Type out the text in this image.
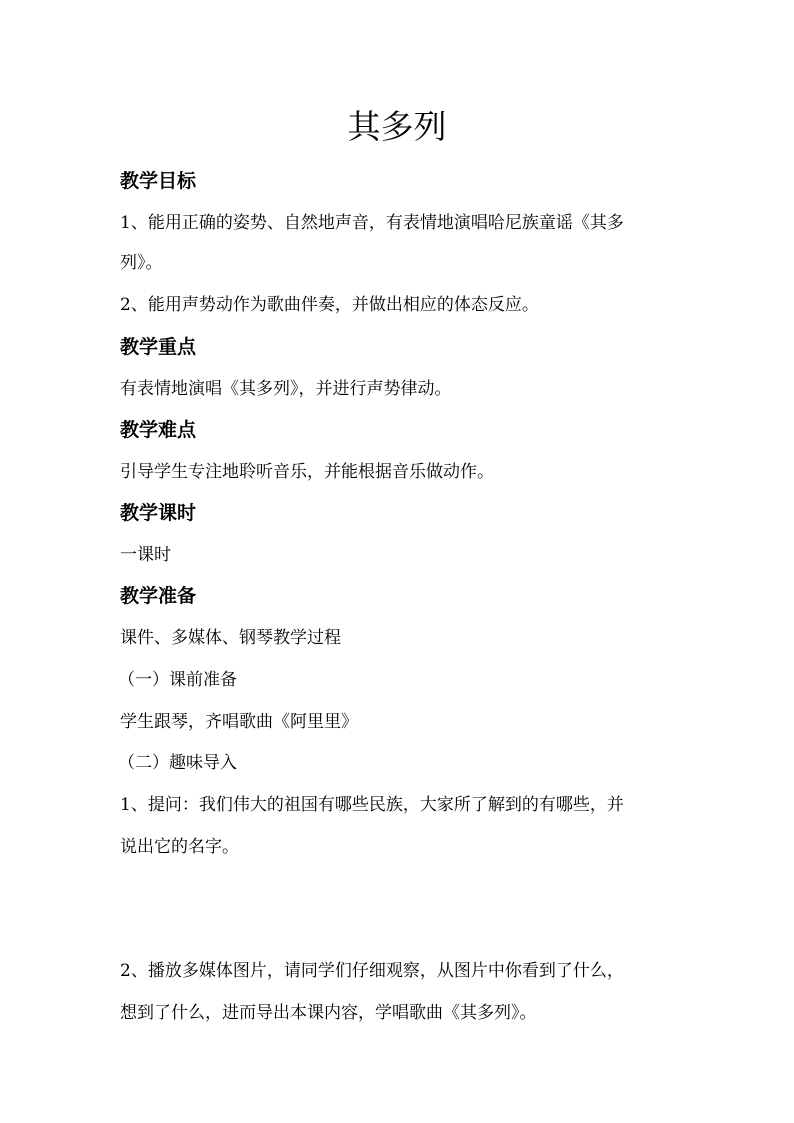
其多列
教学目标
1、能用正确的姿势、自然地声音，有表情地演唱哈尼族童谣《其多
列》。
2、能用声势动作为歌曲伴奏，并做出相应的体态反应。
教学重点
有表情地演唱《其多列》，并进行声势律动。
教学难点
引导学生专注地聆听音乐，并能根据音乐做动作。
教学课时
一课时
教学准备
课件、多媒体、钢琴教学过程
（一）课前准备
学生跟琴，齐唱歌曲《阿里里》
（二）趣味导入
1、提问：我们伟大的祖国有哪些民族，大家所了解到的有哪些，并
说出它的名字。
2、播放多媒体图片，请同学们仔细观察，从图片中你看到了什么，
想到了什么，进而导出本课内容，学唱歌曲《其多列》。
